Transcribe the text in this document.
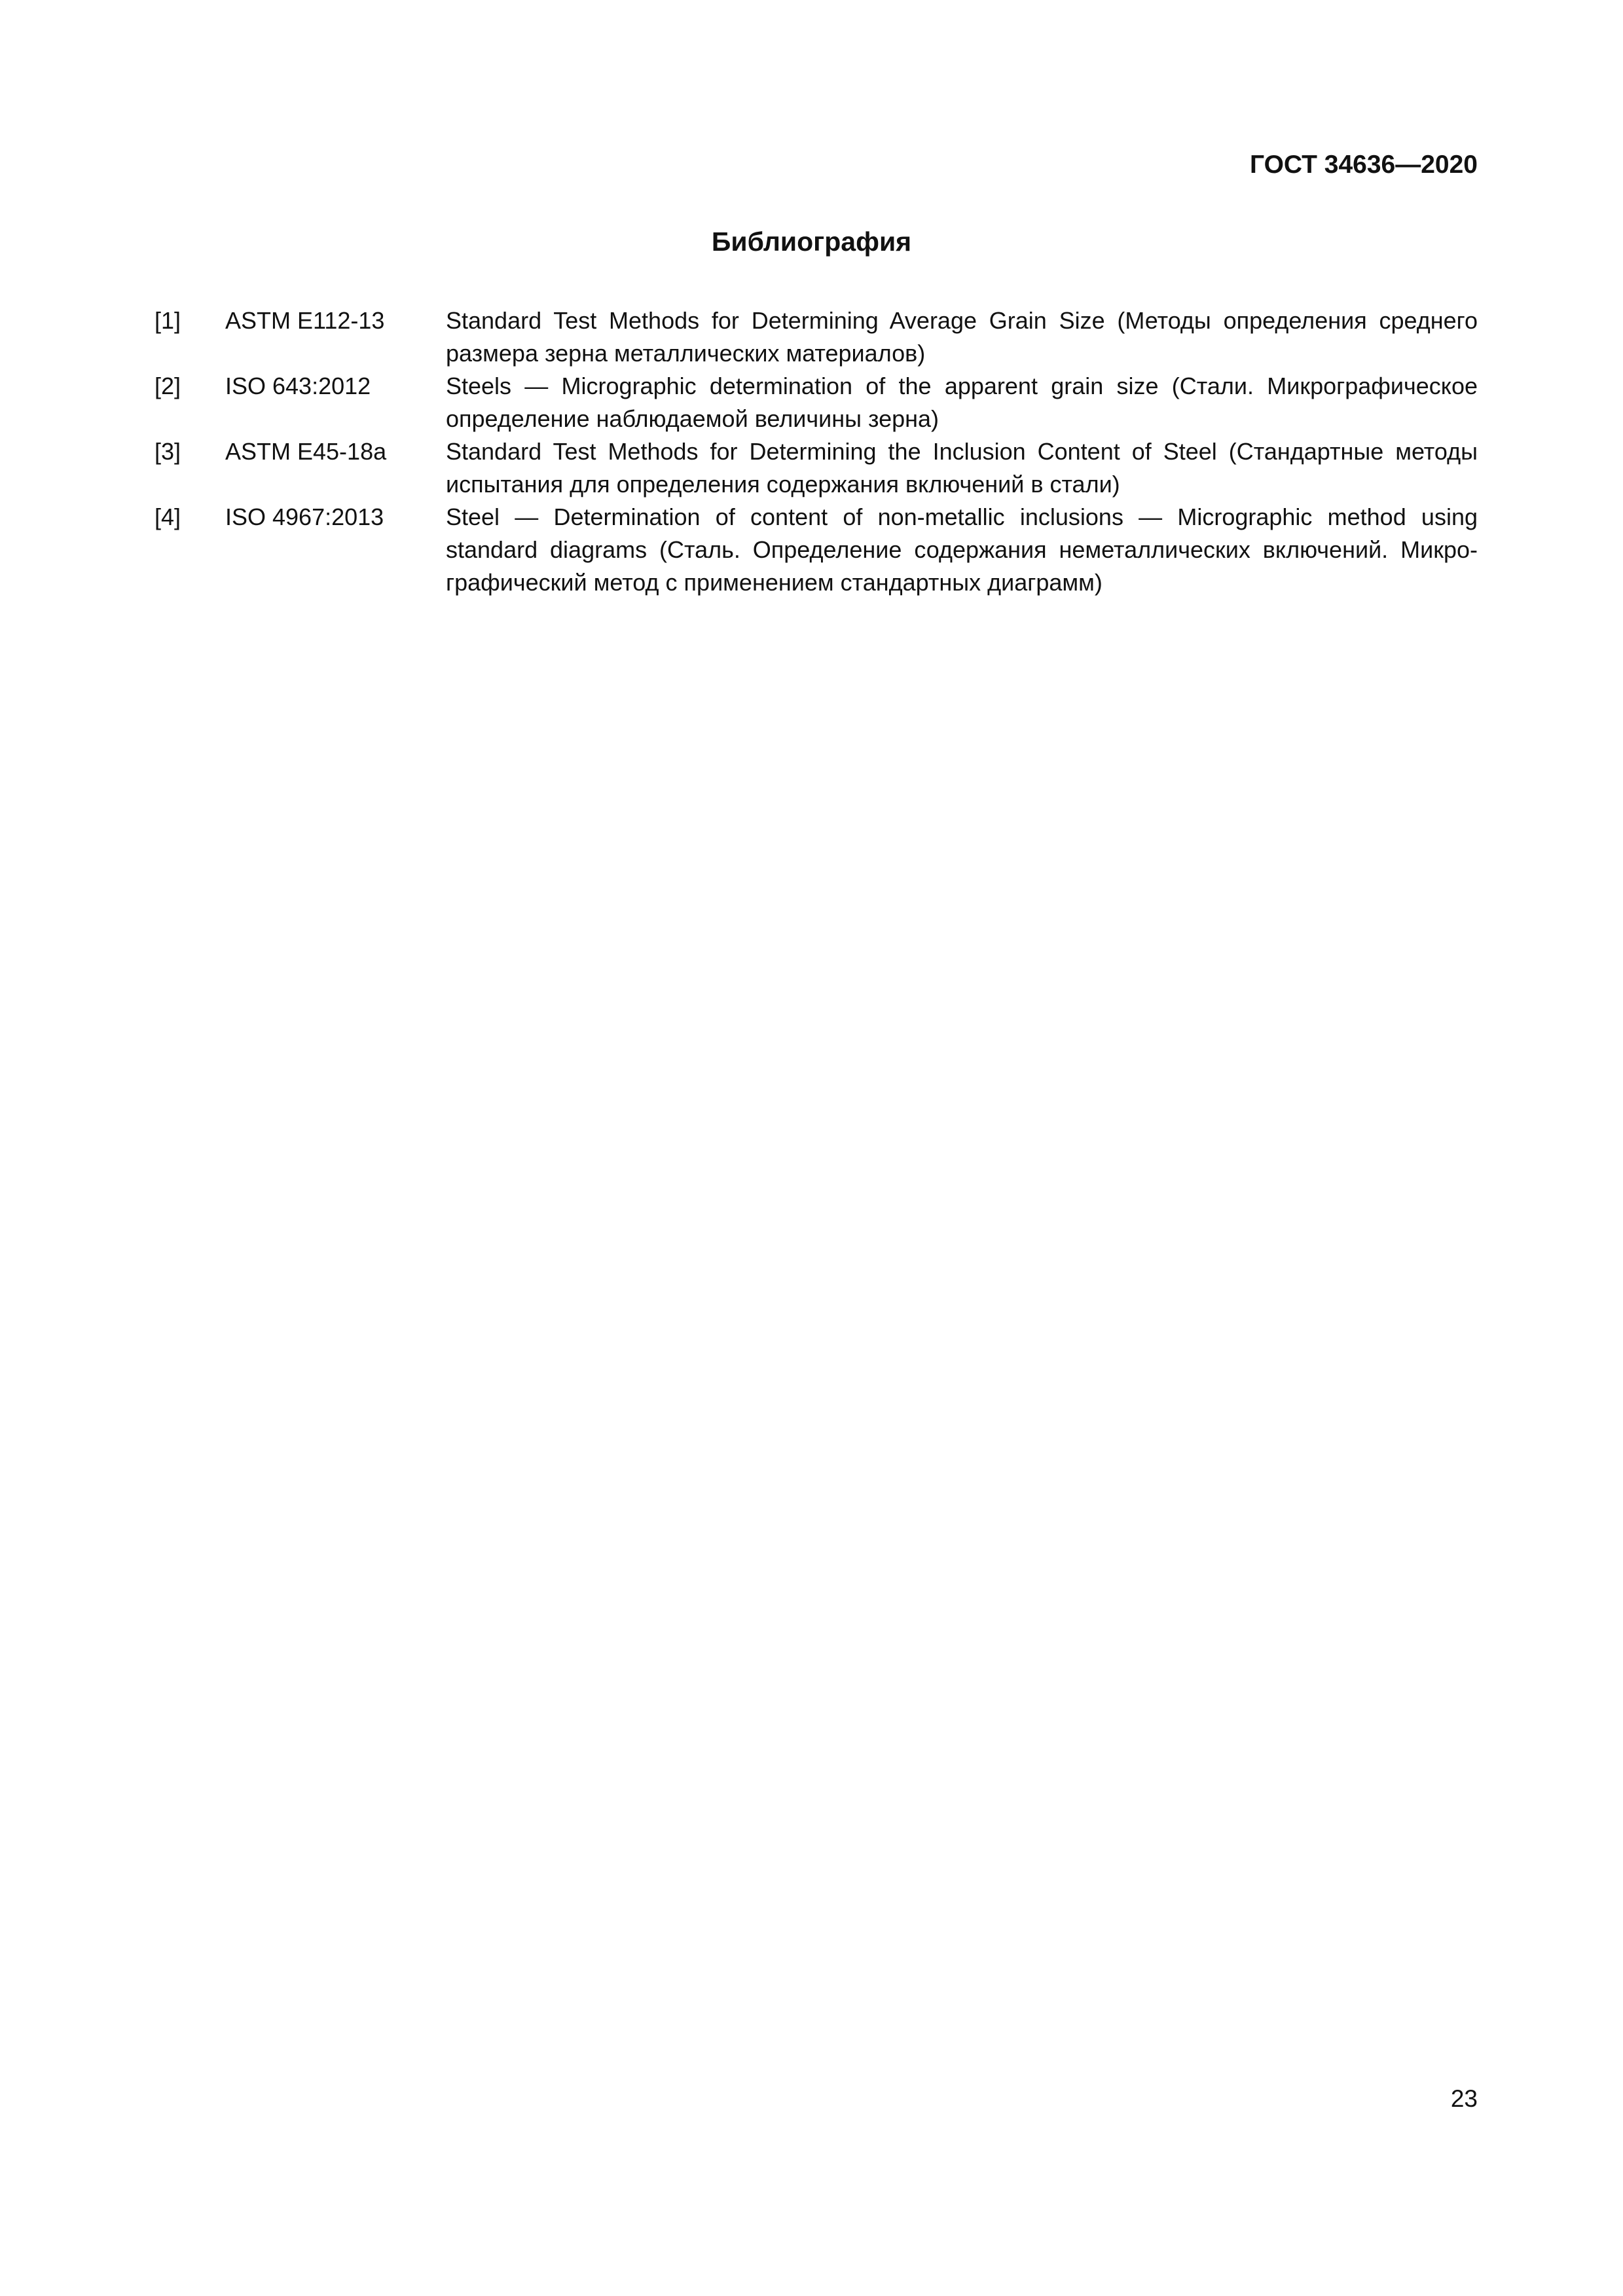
ГОСТ 34636—2020
Библиография
[1]	ASTM E112-13	Standard Test Methods for Determining Average Grain Size (Методы определения среднего размера зерна металлических материалов)
[2]	ISO 643:2012	Steels — Micrographic determination of the apparent grain size (Стали. Микрографическое определение наблюдаемой величины зерна)
[3]	ASTM E45-18a	Standard Test Methods for Determining the Inclusion Content of Steel (Стандартные методы испытания для определения содержания включений в стали)
[4]	ISO 4967:2013	Steel — Determination of content of non-metallic inclusions — Micrographic method using standard diagrams (Сталь. Определение содержания неметаллических включений. Микрографический метод с применением стандартных диаграмм)
23
